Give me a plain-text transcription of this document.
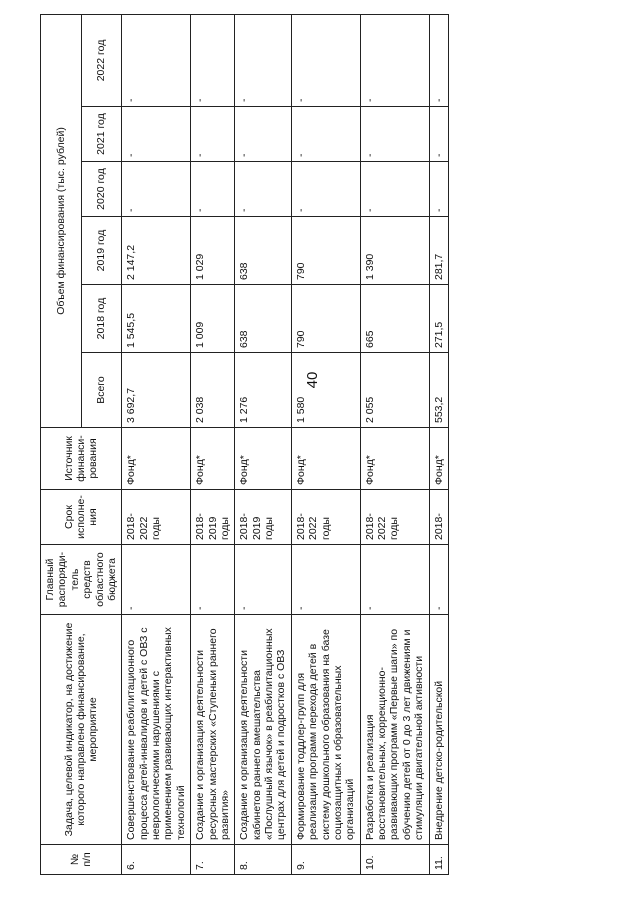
40
№ п/п	Задача, целевой индикатор, на достижение которого направлено финансирование, мероприятие	Главный распоряди-тель средств областного бюджета	Срок исполне-ния	Источник финанси-рования	Объем финансирования (тыс. рублей)					
					Всего	2018 год	2019 год	2020 год	2021 год	2022 год
6.	Совершенствование реабилитационного процесса детей-инвалидов и детей с ОВЗ с неврологическими нарушениями с применением развивающих интерактивных технологий	-	2018-2022 годы	Фонд*	3 692,7	1 545,5	2 147,2	-	-	-
7.	Создание и организация деятельности ресурсных мастерских «Ступеньки раннего развития»	-	2018-2019 годы	Фонд*	2 038	1 009	1 029	-	-	-
8.	Создание и организация деятельности кабинетов раннего вмешательства «Послушный язычок» в реабилитационных центрах для детей и подростков с ОВЗ	-	2018-2019 годы	Фонд*	1 276	638	638	-	-	-
9.	Формирование тоддлер-групп для реализации программ перехода детей в систему дошкольного образования на базе социозащитных и образовательных организаций	-	2018-2022 годы	Фонд*	1 580	790	790	-	-	-
10.	Разработка и реализация восстановительных, коррекционно-развивающих программ «Первые шаги» по обучению детей от 0 до 3 лет движениям и стимуляции двигательной активности	-	2018-2022 годы	Фонд*	2 055	665	1 390	-	-	-
11.	Внедрение детско-родительской	-	2018-	Фонд*	553,2	271,5	281,7	-	-	-
